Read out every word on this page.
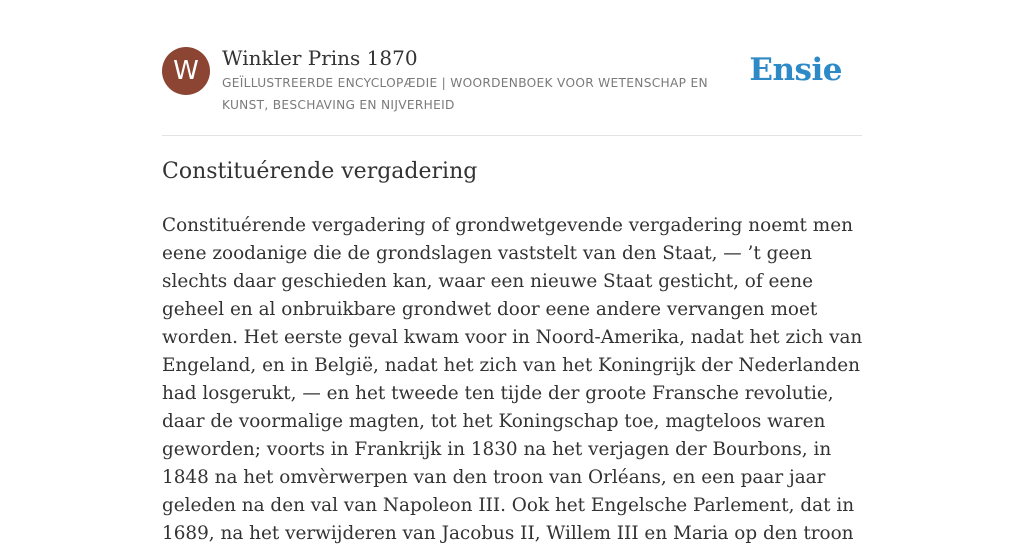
W	Winkler Prins 1870
GEÏLLUSTREERDE ENCYCLOPÆDIE | WOORDENBOEK VOOR WETENSCHAP EN KUNST, BESCHAVING EN NIJVERHEID
Ensie
Constituérende vergadering

Constituérende vergadering of grondwetgevende vergadering noemt men eene zoodanige die de grondslagen vaststelt van den Staat, — ’t geen slechts daar geschieden kan, waar een nieuwe Staat gesticht, of eene geheel en al onbruikbare grondwet door eene andere vervangen moet worden. Het eerste geval kwam voor in Noord-Amerika, nadat het zich van Engeland, en in België, nadat het zich van het Koningrijk der Nederlanden had losgerukt, — en het tweede ten tijde der groote Fransche revolutie, daar de voormalige magten, tot het Koningschap toe, magteloos waren geworden; voorts in Frankrijk in 1830 na het verjagen der Bourbons, in 1848 na het omvèrwerpen van den troon van Orléans, en een paar jaar geleden na den val van Napoleon III. Ook het Engelsche Parlement, dat in 1689, na het verwijderen van Jacobus II, Willem III en Maria op den troon
